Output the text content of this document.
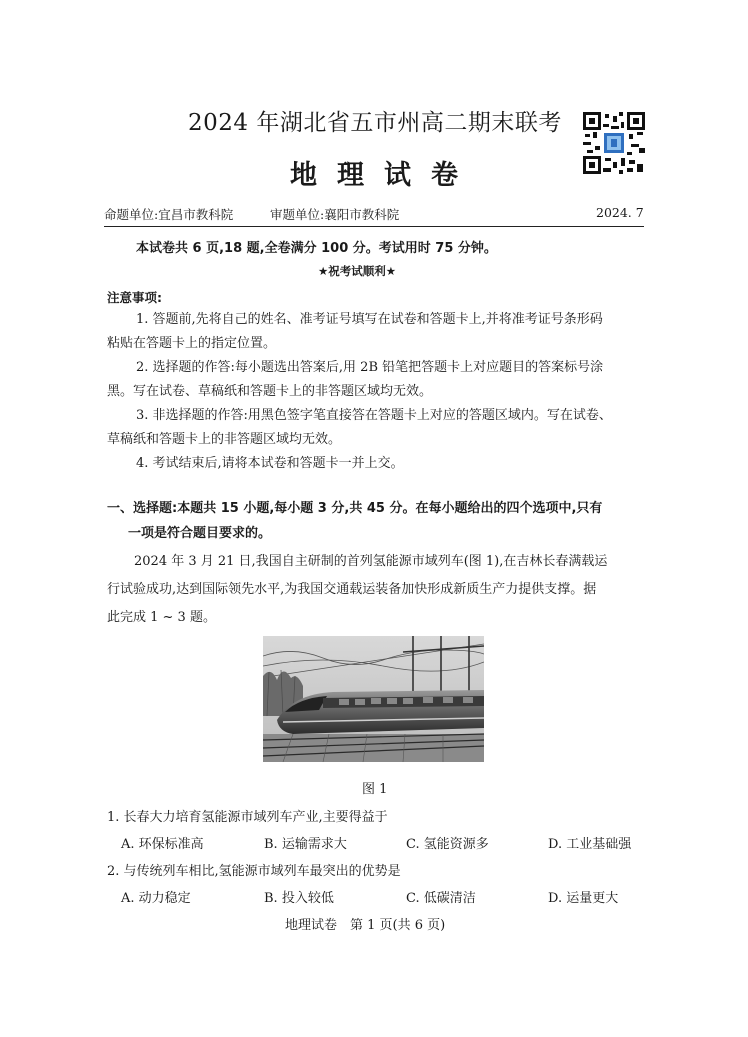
2024 年湖北省五市州高二期末联考
地理试卷
命题单位:宜昌市教科院	审题单位:襄阳市教科院	2024. 7
本试卷共 6 页,18 题,全卷满分 100 分。考试用时 75 分钟。
★祝考试顺利★
注意事项:
1. 答题前,先将自己的姓名、准考证号填写在试卷和答题卡上,并将准考证号条形码
粘贴在答题卡上的指定位置。
2. 选择题的作答:每小题选出答案后,用 2B 铅笔把答题卡上对应题目的答案标号涂
黑。写在试卷、草稿纸和答题卡上的非答题区域均无效。
3. 非选择题的作答:用黑色签字笔直接答在答题卡上对应的答题区域内。写在试卷、
草稿纸和答题卡上的非答题区域均无效。
4. 考试结束后,请将本试卷和答题卡一并上交。
一、选择题:本题共 15 小题,每小题 3 分,共 45 分。在每小题给出的四个选项中,只有
一项是符合题目要求的。
2024 年 3 月 21 日,我国自主研制的首列氢能源市域列车(图 1),在吉林长春满载运
行试验成功,达到国际领先水平,为我国交通载运装备加快形成新质生产力提供支撑。据
此完成 1 ~ 3 题。
图 1
1. 长春大力培育氢能源市域列车产业,主要得益于
A. 环保标准高	B. 运输需求大	C. 氢能资源多	D. 工业基础强
2. 与传统列车相比,氢能源市域列车最突出的优势是
A. 动力稳定	B. 投入较低	C. 低碳清洁	D. 运量更大
地理试卷　第 1 页(共 6 页)
